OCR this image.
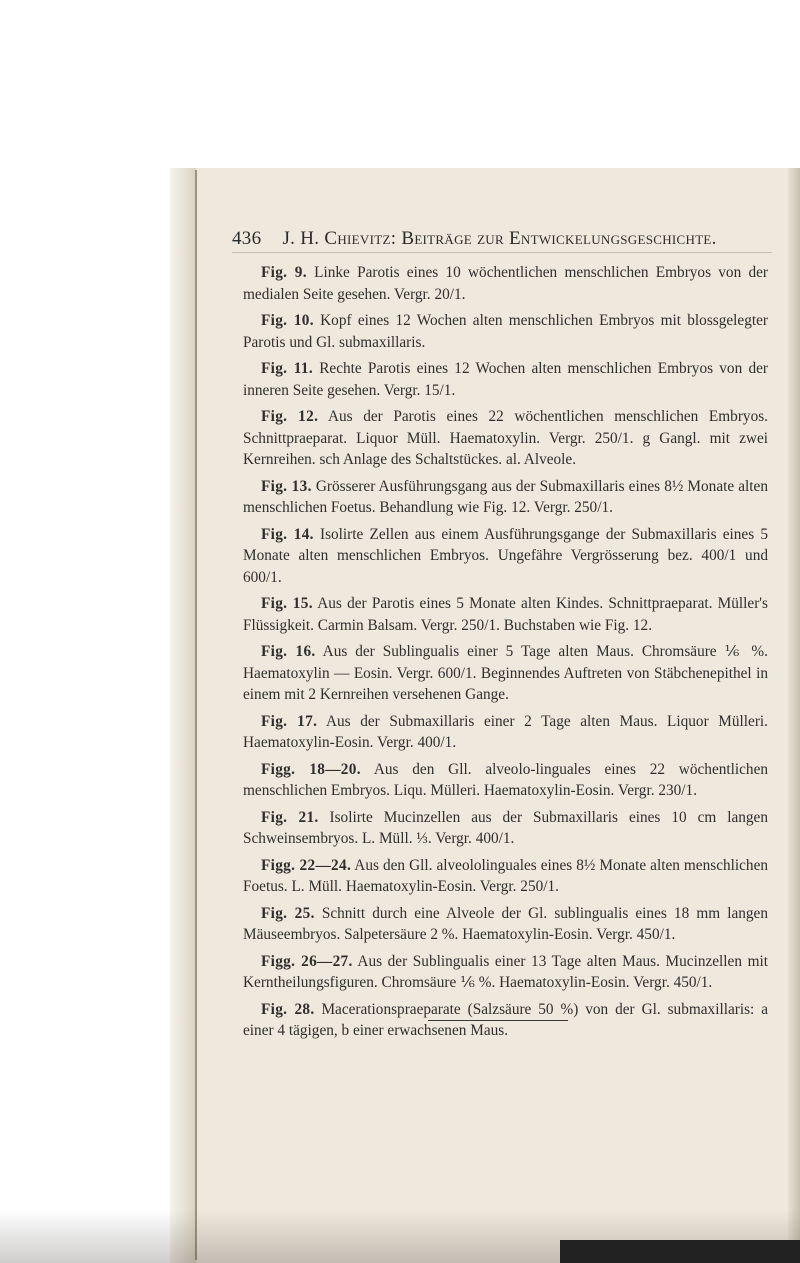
436 J. H. Chievitz: Beiträge zur Entwickelungsgeschichte.

Fig. 9. Linke Parotis eines 10 wöchentlichen menschlichen Embryos von der medialen Seite gesehen. Vergr. 20/1.

Fig. 10. Kopf eines 12 Wochen alten menschlichen Embryos mit blossgelegter Parotis und Gl. submaxillaris.

Fig. 11. Rechte Parotis eines 12 Wochen alten menschlichen Embryos von der inneren Seite gesehen. Vergr. 15/1.

Fig. 12. Aus der Parotis eines 22 wöchentlichen menschlichen Embryos. Schnittpraeparat. Liquor Müll. Haematoxylin. Vergr. 250/1. g Gangl. mit zwei Kernreihen. sch Anlage des Schaltstückes. al. Alveole.

Fig. 13. Grösserer Ausführungsgang aus der Submaxillaris eines 8½ Monate alten menschlichen Foetus. Behandlung wie Fig. 12. Vergr. 250/1.

Fig. 14. Isolirte Zellen aus einem Ausführungsgange der Submaxillaris eines 5 Monate alten menschlichen Embryos. Ungefähre Vergrösserung bez. 400/1 und 600/1.

Fig. 15. Aus der Parotis eines 5 Monate alten Kindes. Schnittpraeparat. Müller's Flüssigkeit. Carmin Balsam. Vergr. 250/1. Buchstaben wie Fig. 12.

Fig. 16. Aus der Sublingualis einer 5 Tage alten Maus. Chromsäure ⅙ %. Haematoxylin — Eosin. Vergr. 600/1. Beginnendes Auftreten von Stäbchenepithel in einem mit 2 Kernreihen versehenen Gange.

Fig. 17. Aus der Submaxillaris einer 2 Tage alten Maus. Liquor Mülleri. Haematoxylin-Eosin. Vergr. 400/1.

Figg. 18—20. Aus den Gll. alveolo-linguales eines 22 wöchentlichen menschlichen Embryos. Liqu. Mülleri. Haematoxylin-Eosin. Vergr. 230/1.

Fig. 21. Isolirte Mucinzellen aus der Submaxillaris eines 10 cm langen Schweinsembryos. L. Müll. ⅓. Vergr. 400/1.

Figg. 22—24. Aus den Gll. alveololinguales eines 8½ Monate alten menschlichen Foetus. L. Müll. Haematoxylin-Eosin. Vergr. 250/1.

Fig. 25. Schnitt durch eine Alveole der Gl. sublingualis eines 18 mm langen Mäuseembryos. Salpetersäure 2 %. Haematoxylin-Eosin. Vergr. 450/1.

Figg. 26—27. Aus der Sublingualis einer 13 Tage alten Maus. Mucinzellen mit Kerntheilungsfiguren. Chromsäure ⅙ %. Haematoxylin-Eosin. Vergr. 450/1.

Fig. 28. Macerationspraeparate (Salzsäure 50 %) von der Gl. submaxillaris: a einer 4 tägigen, b einer erwachsenen Maus.
